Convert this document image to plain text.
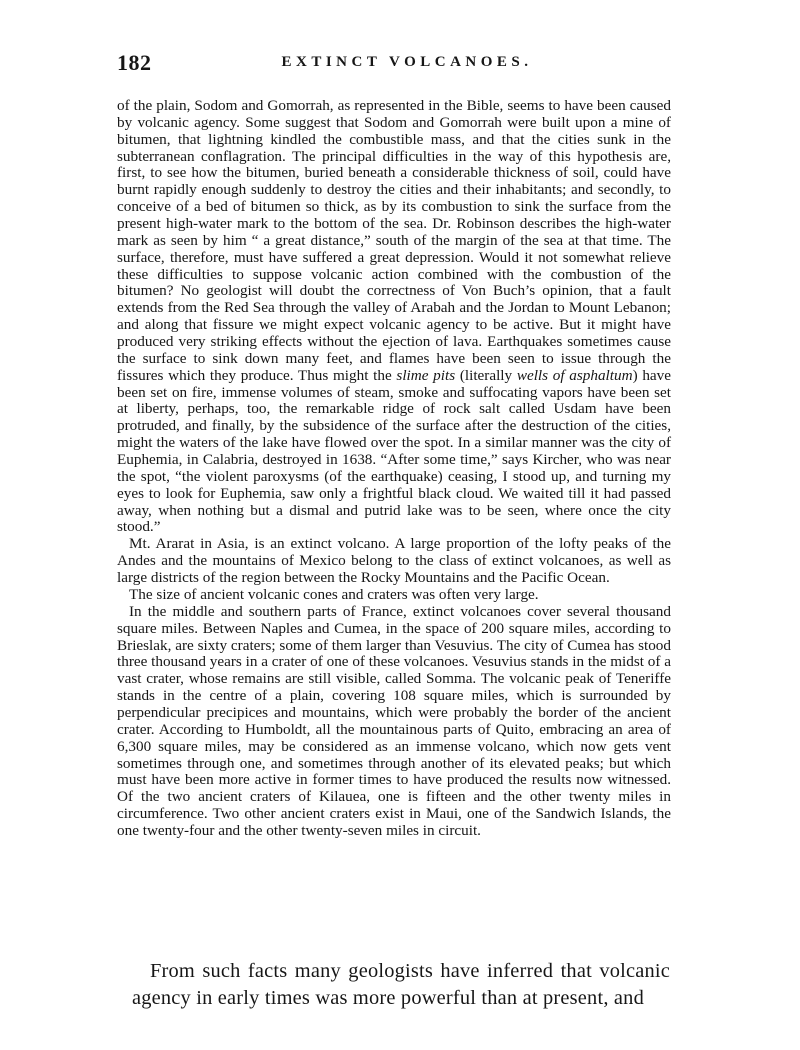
182	EXTINCT VOLCANOES.

of the plain, Sodom and Gomorrah, as represented in the Bible, seems to have been caused by volcanic agency. Some suggest that Sodom and Gomorrah were built upon a mine of bitumen, that lightning kindled the combustible mass, and that the cities sunk in the subterranean conflagration. The principal difficulties in the way of this hypothesis are, first, to see how the bitumen, buried beneath a considerable thickness of soil, could have burnt rapidly enough suddenly to destroy the cities and their inhabitants; and secondly, to conceive of a bed of bitumen so thick, as by its combustion to sink the surface from the present high-water mark to the bottom of the sea. Dr. Robinson describes the high-water mark as seen by him “ a great distance,” south of the margin of the sea at that time. The surface, therefore, must have suffered a great depression. Would it not somewhat relieve these difficulties to suppose volcanic action combined with the combustion of the bitumen? No geologist will doubt the correctness of Von Buch’s opinion, that a fault extends from the Red Sea through the valley of Arabah and the Jordan to Mount Lebanon; and along that fissure we might expect volcanic agency to be active. But it might have produced very striking effects without the ejection of lava. Earthquakes sometimes cause the surface to sink down many feet, and flames have been seen to issue through the fissures which they produce. Thus might the slime pits (literally wells of asphaltum) have been set on fire, immense volumes of steam, smoke and suffocating vapors have been set at liberty, perhaps, too, the remarkable ridge of rock salt called Usdam have been protruded, and finally, by the subsidence of the surface after the destruction of the cities, might the waters of the lake have flowed over the spot. In a similar manner was the city of Euphemia, in Calabria, destroyed in 1638. “After some time,” says Kircher, who was near the spot, “the violent paroxysms (of the earthquake) ceasing, I stood up, and turning my eyes to look for Euphemia, saw only a frightful black cloud. We waited till it had passed away, when nothing but a dismal and putrid lake was to be seen, where once the city stood.”

Mt. Ararat in Asia, is an extinct volcano. A large proportion of the lofty peaks of the Andes and the mountains of Mexico belong to the class of extinct volcanoes, as well as large districts of the region between the Rocky Mountains and the Pacific Ocean.

The size of ancient volcanic cones and craters was often very large.

In the middle and southern parts of France, extinct volcanoes cover several thousand square miles. Between Naples and Cumea, in the space of 200 square miles, according to Brieslak, are sixty craters; some of them larger than Vesuvius. The city of Cumea has stood three thousand years in a crater of one of these volcanoes. Vesuvius stands in the midst of a vast crater, whose remains are still visible, called Somma. The volcanic peak of Teneriffe stands in the centre of a plain, covering 108 square miles, which is surrounded by perpendicular precipices and mountains, which were probably the border of the ancient crater. According to Humboldt, all the mountainous parts of Quito, embracing an area of 6,300 square miles, may be considered as an immense volcano, which now gets vent sometimes through one, and sometimes through another of its elevated peaks; but which must have been more active in former times to have produced the results now witnessed. Of the two ancient craters of Kilauea, one is fifteen and the other twenty miles in circumference. Two other ancient craters exist in Maui, one of the Sandwich Islands, the one twenty-four and the other twenty-seven miles in circuit.

From such facts many geologists have inferred that volcanic agency in early times was more powerful than at present, and
